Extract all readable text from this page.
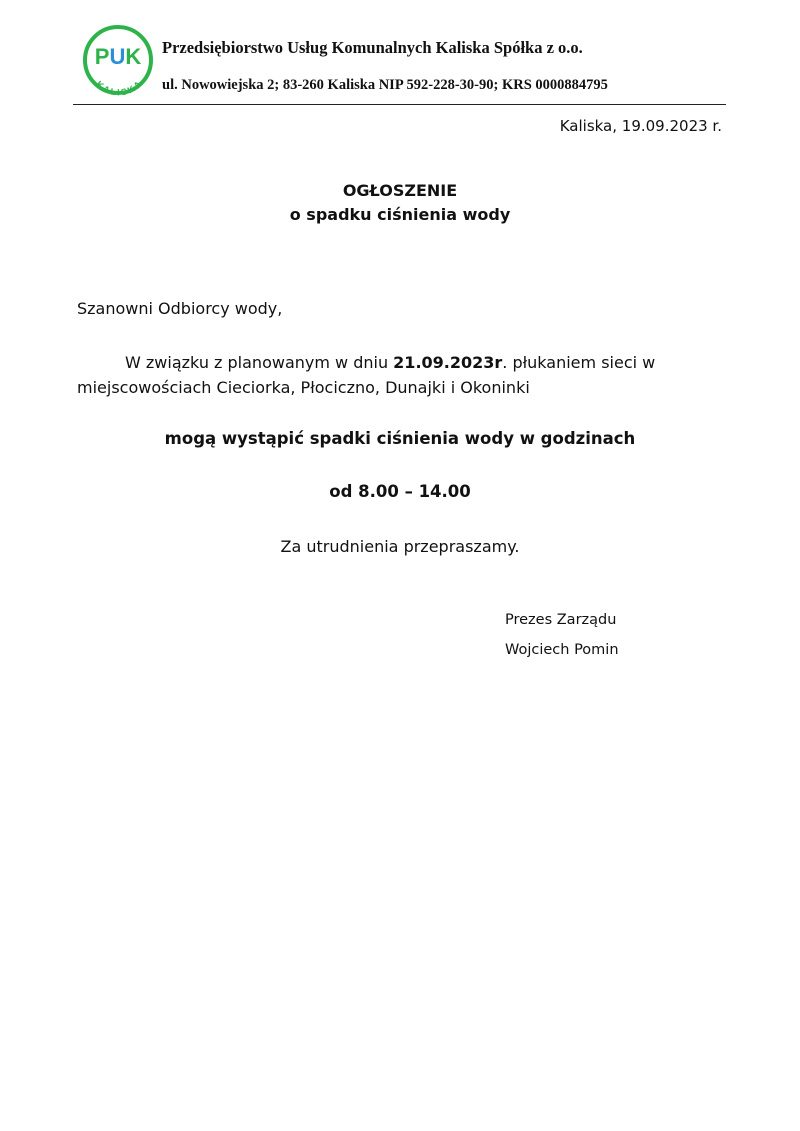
PUK
KALISKA
Przedsiębiorstwo Usług Komunalnych Kaliska Spółka z o.o.
ul. Nowowiejska 2; 83-260 Kaliska NIP 592-228-30-90; KRS 0000884795
Kaliska, 19.09.2023 r.
OGŁOSZENIE
o spadku ciśnienia wody
Szanowni Odbiorcy wody,
W związku z planowanym w dniu 21.09.2023r. płukaniem sieci w miejscowościach Cieciorka, Płociczno, Dunajki i Okoninki
mogą wystąpić spadki ciśnienia wody w godzinach
od 8.00 – 14.00
Za utrudnienia przepraszamy.
Prezes Zarządu
Wojciech Pomin
